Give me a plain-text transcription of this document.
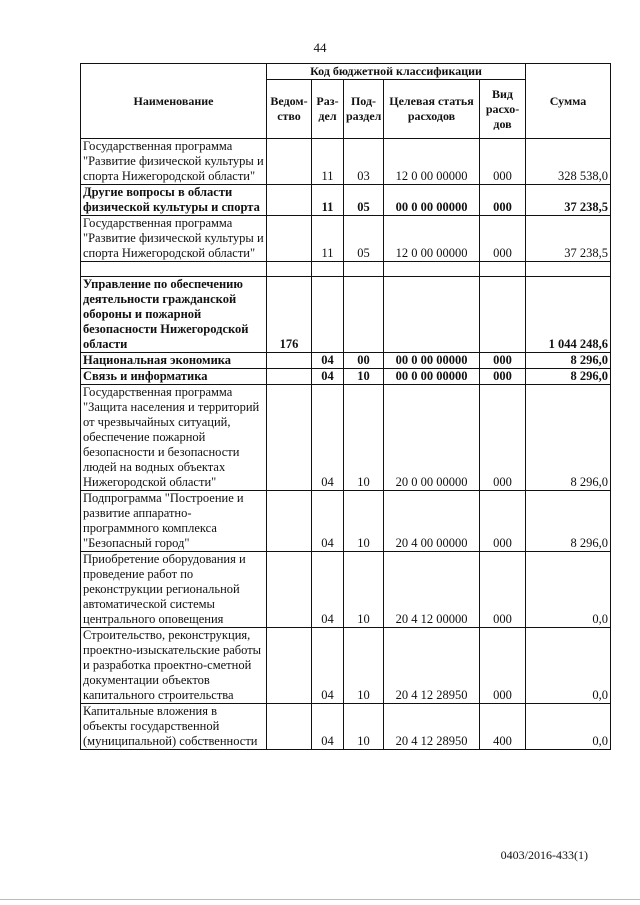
44
Наименование	Код бюджетной классификации					Сумма
	Ведом-ство	Раз-дел	Под-раздел	Целевая статья расходов	Вид расхо-дов	
Государственная программа "Развитие физической культуры и спорта Нижегородской области"		11	03	12 0 00 00000	000	328 538,0
Другие вопросы в области физической культуры и спорта		11	05	00 0 00 00000	000	37 238,5
Государственная программа "Развитие физической культуры и спорта Нижегородской области"		11	05	12 0 00 00000	000	37 238,5

Управление по обеспечению деятельности гражданской обороны и пожарной безопасности Нижегородской области	176					1 044 248,6
Национальная экономика		04	00	00 0 00 00000	000	8 296,0
Связь и информатика		04	10	00 0 00 00000	000	8 296,0
Государственная программа "Защита населения и территорий от чрезвычайных ситуаций, обеспечение пожарной безопасности и безопасности людей на водных объектах Нижегородской области"		04	10	20 0 00 00000	000	8 296,0
Подпрограмма "Построение и развитие аппаратно-программного комплекса "Безопасный город"		04	10	20 4 00 00000	000	8 296,0
Приобретение оборудования и проведение работ по реконструкции региональной автоматической системы центрального оповещения		04	10	20 4 12 00000	000	0,0
Строительство, реконструкция, проектно-изыскательские работы и разработка проектно-сметной документации объектов капитального строительства		04	10	20 4 12 28950	000	0,0
Капитальные вложения в объекты государственной (муниципальной) собственности		04	10	20 4 12 28950	400	0,0
0403/2016-433(1)
